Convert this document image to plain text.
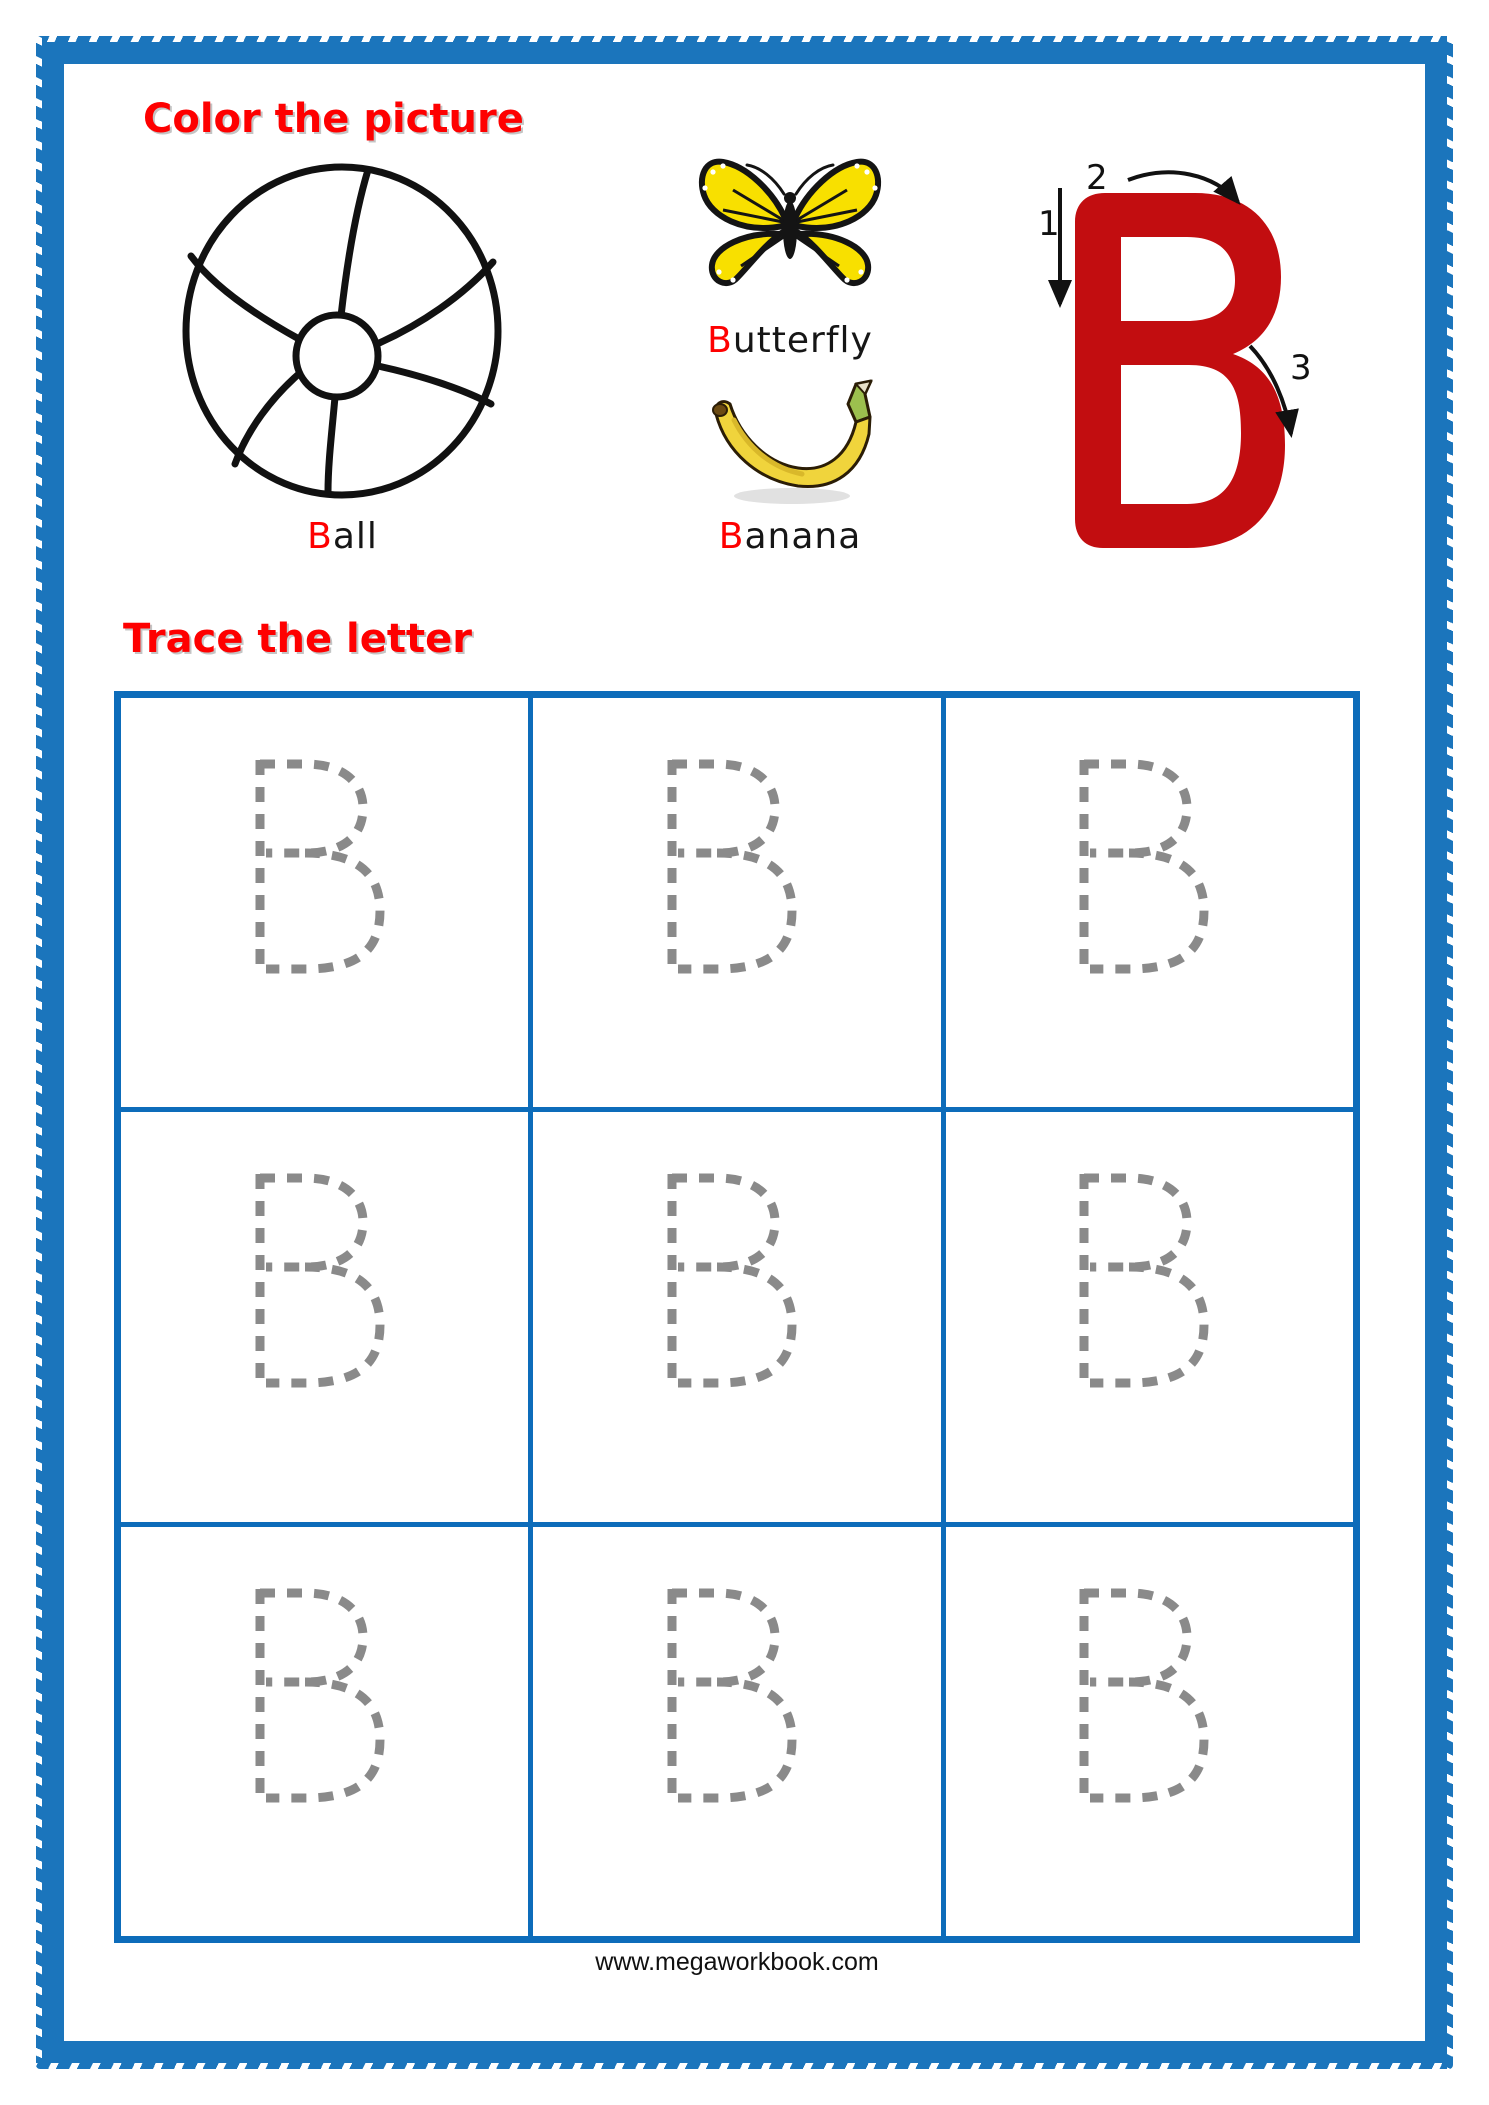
Color the picture
Ball
Butterfly
Banana
1
2
3
Trace the letter
www.megaworkbook.com
